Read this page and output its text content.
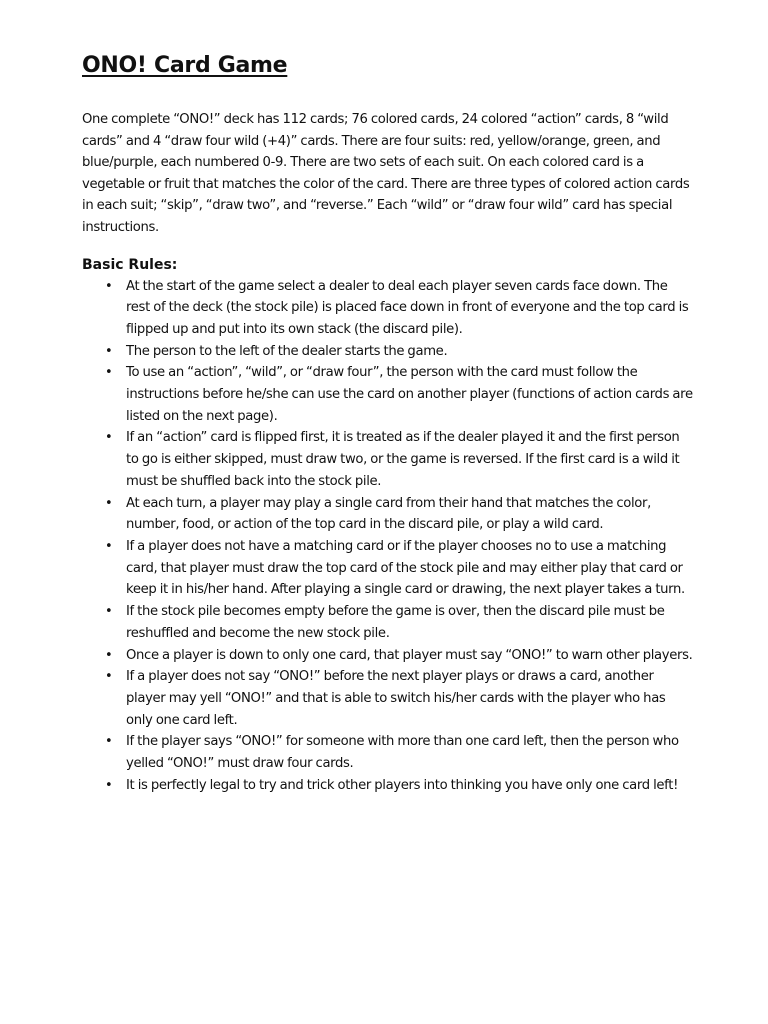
ONO! Card Game

One complete “ONO!” deck has 112 cards; 76 colored cards, 24 colored “action” cards, 8 “wild cards” and 4 “draw four wild (+4)” cards. There are four suits: red, yellow/orange, green, and blue/purple, each numbered 0-9. There are two sets of each suit. On each colored card is a vegetable or fruit that matches the color of the card. There are three types of colored action cards in each suit; “skip”, “draw two”, and “reverse.” Each “wild” or “draw four wild” card has special instructions.

Basic Rules:
• At the start of the game select a dealer to deal each player seven cards face down. The rest of the deck (the stock pile) is placed face down in front of everyone and the top card is flipped up and put into its own stack (the discard pile).
• The person to the left of the dealer starts the game.
• To use an “action”, “wild”, or “draw four”, the person with the card must follow the instructions before he/she can use the card on another player (functions of action cards are listed on the next page).
• If an “action” card is flipped first, it is treated as if the dealer played it and the first person to go is either skipped, must draw two, or the game is reversed. If the first card is a wild it must be shuffled back into the stock pile.
• At each turn, a player may play a single card from their hand that matches the color, number, food, or action of the top card in the discard pile, or play a wild card.
• If a player does not have a matching card or if the player chooses no to use a matching card, that player must draw the top card of the stock pile and may either play that card or keep it in his/her hand. After playing a single card or drawing, the next player takes a turn.
• If the stock pile becomes empty before the game is over, then the discard pile must be reshuffled and become the new stock pile.
• Once a player is down to only one card, that player must say “ONO!” to warn other players.
• If a player does not say “ONO!” before the next player plays or draws a card, another player may yell “ONO!” and that is able to switch his/her cards with the player who has only one card left.
• If the player says “ONO!” for someone with more than one card left, then the person who yelled “ONO!” must draw four cards.
• It is perfectly legal to try and trick other players into thinking you have only one card left!
